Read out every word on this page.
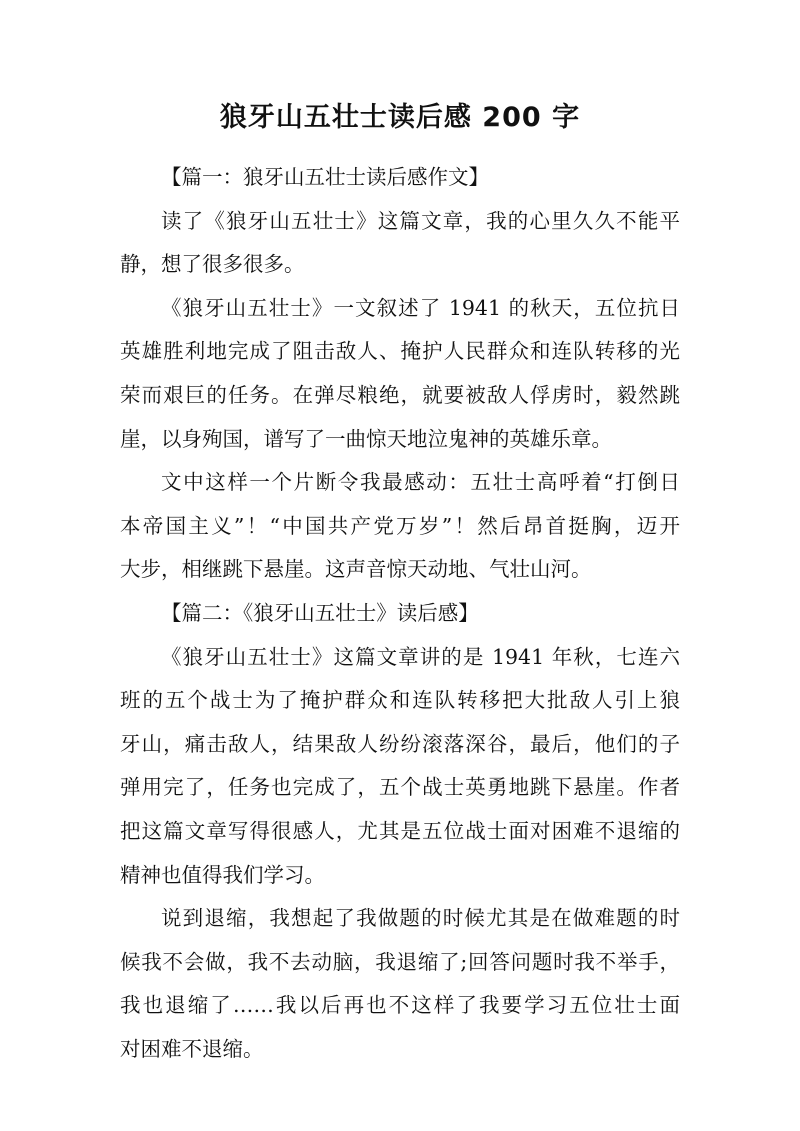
狼牙山五壮士读后感 200 字
【篇一：狼牙山五壮士读后感作文】
读了《狼牙山五壮士》这篇文章，我的心里久久不能平
静，想了很多很多。
《狼牙山五壮士》一文叙述了 1941 的秋天，五位抗日
英雄胜利地完成了阻击敌人、掩护人民群众和连队转移的光
荣而艰巨的任务。在弹尽粮绝，就要被敌人俘虏时，毅然跳
崖，以身殉国，谱写了一曲惊天地泣鬼神的英雄乐章。
文中这样一个片断令我最感动：五壮士高呼着“打倒日
本帝国主义”！“中国共产党万岁”！然后昂首挺胸，迈开
大步，相继跳下悬崖。这声音惊天动地、气壮山河。
【篇二：《狼牙山五壮士》读后感】
《狼牙山五壮士》这篇文章讲的是 1941 年秋，七连六
班的五个战士为了掩护群众和连队转移把大批敌人引上狼
牙山，痛击敌人，结果敌人纷纷滚落深谷，最后，他们的子
弹用完了，任务也完成了，五个战士英勇地跳下悬崖。作者
把这篇文章写得很感人，尤其是五位战士面对困难不退缩的
精神也值得我们学习。
说到退缩，我想起了我做题的时候尤其是在做难题的时
候我不会做，我不去动脑，我退缩了;回答问题时我不举手，
我也退缩了……我以后再也不这样了我要学习五位壮士面
对困难不退缩。
